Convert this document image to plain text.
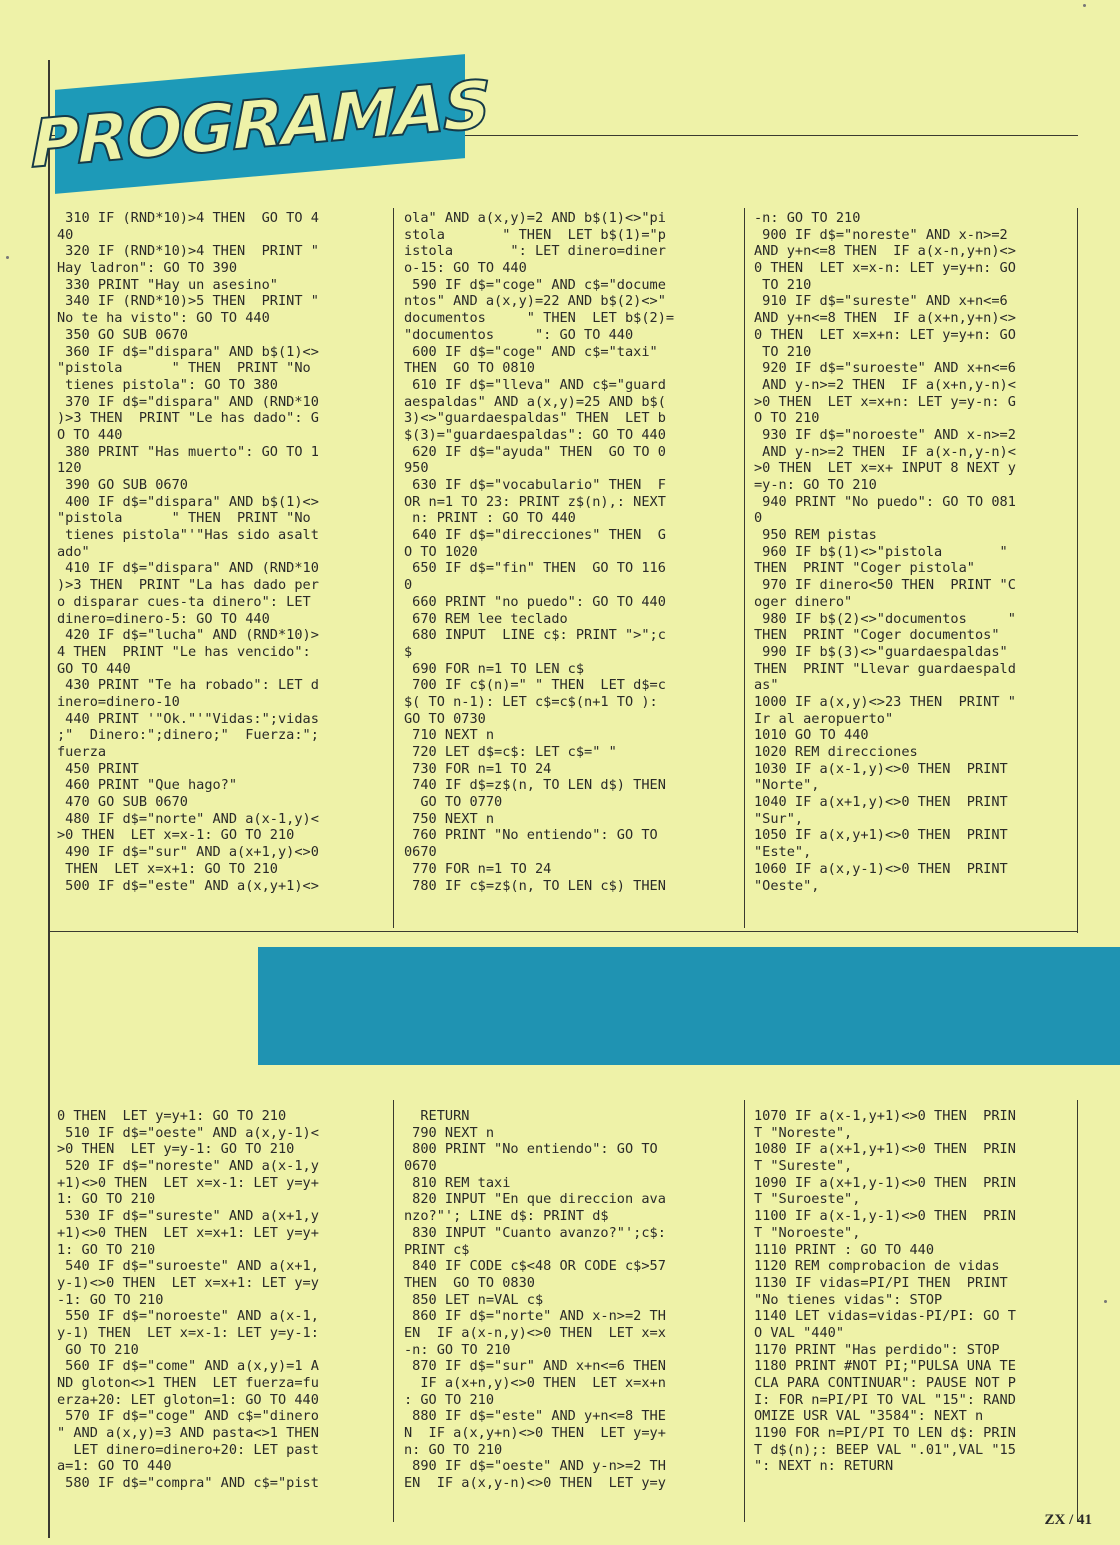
PROGRAMAS
310 IF (RND*10)>4 THEN  GO TO 4
40
320 IF (RND*10)>4 THEN  PRINT "
Hay ladron": GO TO 390
330 PRINT "Hay un asesino"
340 IF (RND*10)>5 THEN  PRINT "
No te ha visto": GO TO 440
350 GO SUB 0670
360 IF d$="dispara" AND b$(1)<>
"pistola      " THEN  PRINT "No
tienes pistola": GO TO 380
370 IF d$="dispara" AND (RND*10
)>3 THEN  PRINT "Le has dado": G
O TO 440
380 PRINT "Has muerto": GO TO 1
120
390 GO SUB 0670
400 IF d$="dispara" AND b$(1)<>
"pistola      " THEN  PRINT "No
tienes pistola"'"Has sido asalt
ado"
410 IF d$="dispara" AND (RND*10
)>3 THEN  PRINT "La has dado per
o disparar cues-ta dinero": LET
dinero=dinero-5: GO TO 440
420 IF d$="lucha" AND (RND*10)>
4 THEN  PRINT "Le has vencido":
GO TO 440
430 PRINT "Te ha robado": LET d
inero=dinero-10
440 PRINT '"Ok."'"Vidas:";vidas
;"  Dinero:";dinero;"  Fuerza:";
fuerza
450 PRINT
460 PRINT "Que hago?"
470 GO SUB 0670
480 IF d$="norte" AND a(x-1,y)<
>0 THEN  LET x=x-1: GO TO 210
490 IF d$="sur" AND a(x+1,y)<>0
THEN  LET x=x+1: GO TO 210
500 IF d$="este" AND a(x,y+1)<>
ola" AND a(x,y)=2 AND b$(1)<>"pi
stola       " THEN  LET b$(1)="p
istola       ": LET dinero=diner
o-15: GO TO 440
590 IF d$="coge" AND c$="docume
ntos" AND a(x,y)=22 AND b$(2)<>"
documentos     " THEN  LET b$(2)=
"documentos     ": GO TO 440
600 IF d$="coge" AND c$="taxi"
THEN  GO TO 0810
610 IF d$="lleva" AND c$="guard
aespaldas" AND a(x,y)=25 AND b$(
3)<>"guardaespaldas" THEN  LET b
$(3)="guardaespaldas": GO TO 440
620 IF d$="ayuda" THEN  GO TO 0
950
630 IF d$="vocabulario" THEN  F
OR n=1 TO 23: PRINT z$(n),: NEXT
n: PRINT : GO TO 440
640 IF d$="direcciones" THEN  G
O TO 1020
650 IF d$="fin" THEN  GO TO 116
0
660 PRINT "no puedo": GO TO 440
670 REM lee teclado
680 INPUT  LINE c$: PRINT ">";c
$
690 FOR n=1 TO LEN c$
700 IF c$(n)=" " THEN  LET d$=c
$( TO n-1): LET c$=c$(n+1 TO ):
GO TO 0730
710 NEXT n
720 LET d$=c$: LET c$=" "
730 FOR n=1 TO 24
740 IF d$=z$(n, TO LEN d$) THEN
GO TO 0770
750 NEXT n
760 PRINT "No entiendo": GO TO
0670
770 FOR n=1 TO 24
780 IF c$=z$(n, TO LEN c$) THEN
-n: GO TO 210
900 IF d$="noreste" AND x-n>=2
AND y+n<=8 THEN  IF a(x-n,y+n)<>
0 THEN  LET x=x-n: LET y=y+n: GO
TO 210
910 IF d$="sureste" AND x+n<=6
AND y+n<=8 THEN  IF a(x+n,y+n)<>
0 THEN  LET x=x+n: LET y=y+n: GO
TO 210
920 IF d$="suroeste" AND x+n<=6
AND y-n>=2 THEN  IF a(x+n,y-n)<
>0 THEN  LET x=x+n: LET y=y-n: G
O TO 210
930 IF d$="noroeste" AND x-n>=2
AND y-n>=2 THEN  IF a(x-n,y-n)<
>0 THEN  LET x=x+ INPUT 8 NEXT y
=y-n: GO TO 210
940 PRINT "No puedo": GO TO 081
0
950 REM pistas
960 IF b$(1)<>"pistola       "
THEN  PRINT "Coger pistola"
970 IF dinero<50 THEN  PRINT "C
oger dinero"
980 IF b$(2)<>"documentos     "
THEN  PRINT "Coger documentos"
990 IF b$(3)<>"guardaespaldas"
THEN  PRINT "Llevar guardaespald
as"
1000 IF a(x,y)<>23 THEN  PRINT "
Ir al aeropuerto"
1010 GO TO 440
1020 REM direcciones
1030 IF a(x-1,y)<>0 THEN  PRINT
"Norte",
1040 IF a(x+1,y)<>0 THEN  PRINT
"Sur",
1050 IF a(x,y+1)<>0 THEN  PRINT
"Este",
1060 IF a(x,y-1)<>0 THEN  PRINT
"Oeste",
0 THEN  LET y=y+1: GO TO 210
510 IF d$="oeste" AND a(x,y-1)<
>0 THEN  LET y=y-1: GO TO 210
520 IF d$="noreste" AND a(x-1,y
+1)<>0 THEN  LET x=x-1: LET y=y+
1: GO TO 210
530 IF d$="sureste" AND a(x+1,y
+1)<>0 THEN  LET x=x+1: LET y=y+
1: GO TO 210
540 IF d$="suroeste" AND a(x+1,
y-1)<>0 THEN  LET x=x+1: LET y=y
-1: GO TO 210
550 IF d$="noroeste" AND a(x-1,
y-1) THEN  LET x=x-1: LET y=y-1:
GO TO 210
560 IF d$="come" AND a(x,y)=1 A
ND gloton<>1 THEN  LET fuerza=fu
erza+20: LET gloton=1: GO TO 440
570 IF d$="coge" AND c$="dinero
" AND a(x,y)=3 AND pasta<>1 THEN
LET dinero=dinero+20: LET past
a=1: GO TO 440
580 IF d$="compra" AND c$="pist
RETURN
790 NEXT n
800 PRINT "No entiendo": GO TO
0670
810 REM taxi
820 INPUT "En que direccion ava
nzo?"'; LINE d$: PRINT d$
830 INPUT "Cuanto avanzo?"';c$:
PRINT c$
840 IF CODE c$<48 OR CODE c$>57
THEN  GO TO 0830
850 LET n=VAL c$
860 IF d$="norte" AND x-n>=2 TH
EN  IF a(x-n,y)<>0 THEN  LET x=x
-n: GO TO 210
870 IF d$="sur" AND x+n<=6 THEN
IF a(x+n,y)<>0 THEN  LET x=x+n
: GO TO 210
880 IF d$="este" AND y+n<=8 THE
N  IF a(x,y+n)<>0 THEN  LET y=y+
n: GO TO 210
890 IF d$="oeste" AND y-n>=2 TH
EN  IF a(x,y-n)<>0 THEN  LET y=y
1070 IF a(x-1,y+1)<>0 THEN  PRIN
T "Noreste",
1080 IF a(x+1,y+1)<>0 THEN  PRIN
T "Sureste",
1090 IF a(x+1,y-1)<>0 THEN  PRIN
T "Suroeste",
1100 IF a(x-1,y-1)<>0 THEN  PRIN
T "Noroeste",
1110 PRINT : GO TO 440
1120 REM comprobacion de vidas
1130 IF vidas=PI/PI THEN  PRINT
"No tienes vidas": STOP
1140 LET vidas=vidas-PI/PI: GO T
O VAL "440"
1170 PRINT "Has perdido": STOP
1180 PRINT #NOT PI;"PULSA UNA TE
CLA PARA CONTINUAR": PAUSE NOT P
I: FOR n=PI/PI TO VAL "15": RAND
OMIZE USR VAL "3584": NEXT n
1190 FOR n=PI/PI TO LEN d$: PRIN
T d$(n);: BEEP VAL ".01",VAL "15
": NEXT n: RETURN
ZX / 41
